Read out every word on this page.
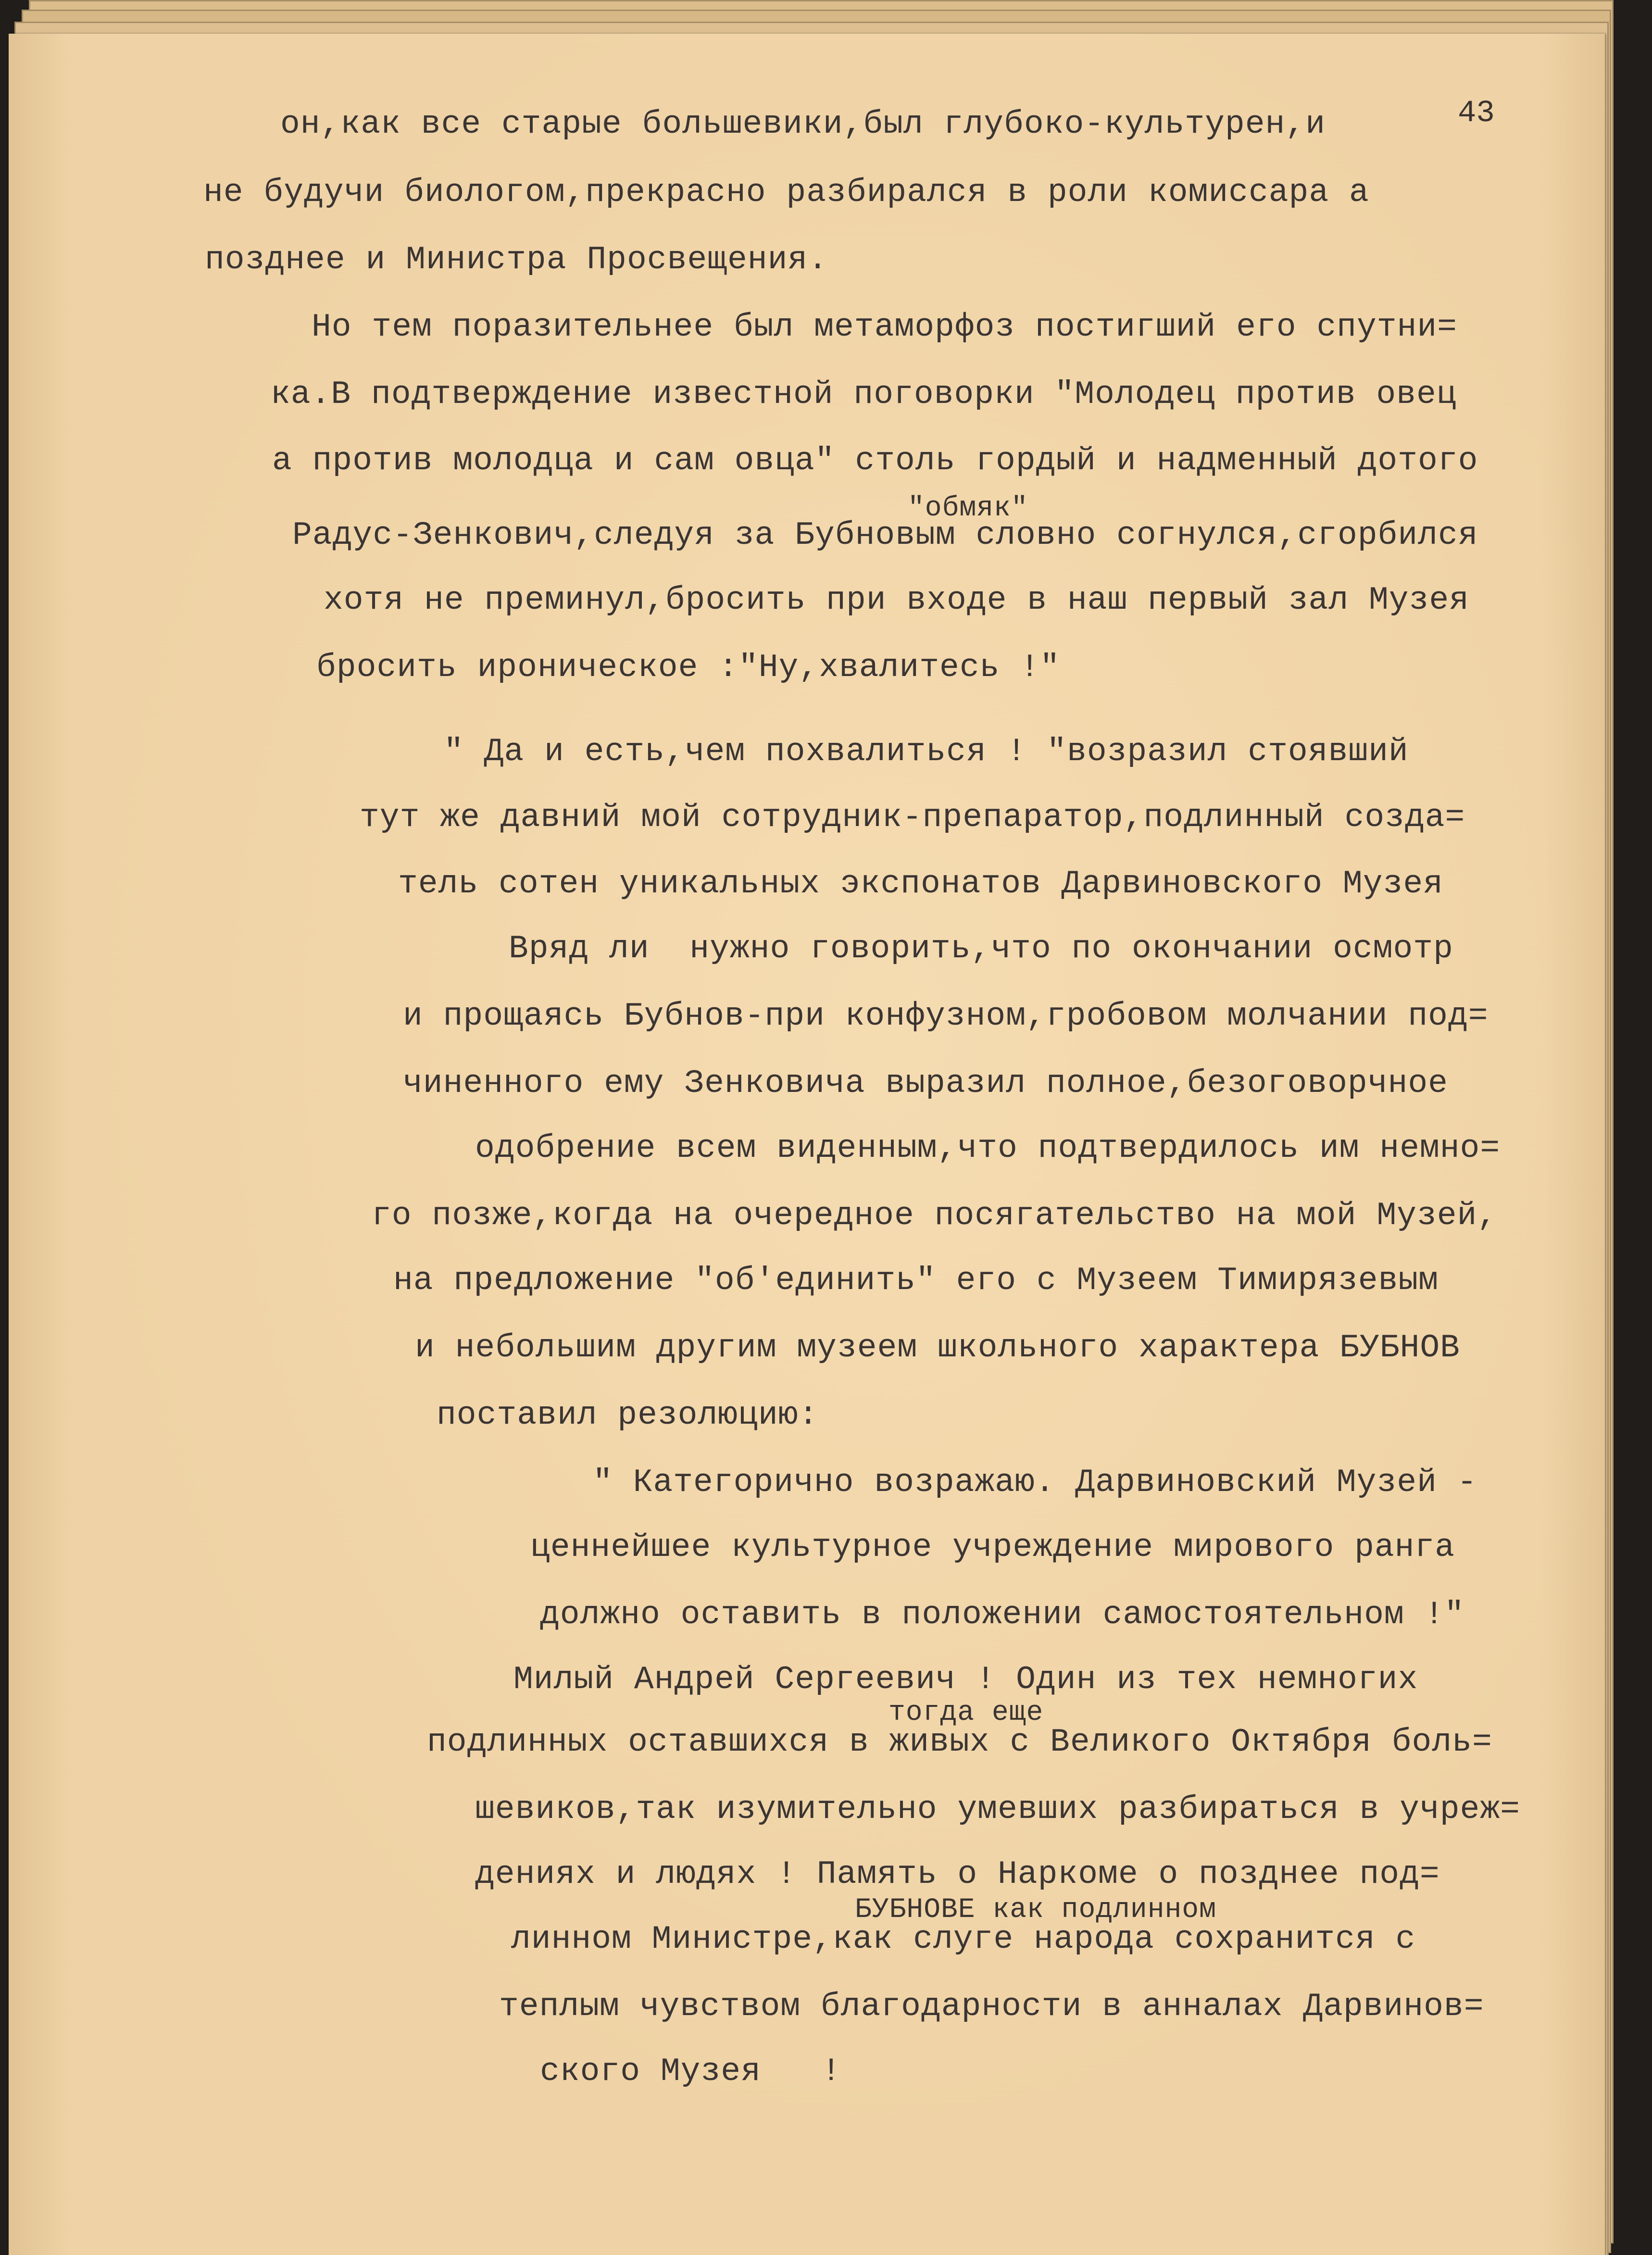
43
он,как все старые большевики,был глубоко-культурен,и
не будучи биологом,прекрасно разбирался в роли комиссара а
позднее и Министра Просвещения.
Но тем поразительнее был метаморфоз постигший его спутни=
ка.В подтверждение известной поговорки "Молодец против овец
а против молодца и сам овца" столь гордый и надменный дотого
"обмяк"
Радус-Зенкович,следуя за Бубновым словно согнулся,сгорбился
хотя не преминул,бросить при входе в наш первый зал Музея
бросить ироническое :"Ну,хвалитесь !"
" Да и есть,чем похвалиться ! "возразил стоявший
тут же давний мой сотрудник-препаратор,подлинный созда=
тель сотен уникальных экспонатов Дарвиновского Музея
Вряд ли  нужно говорить,что по окончании осмотр
и прощаясь Бубнов-при конфузном,гробовом молчании под=
чиненного ему Зенковича выразил полное,безоговорчное
одобрение всем виденным,что подтвердилось им немно=
го позже,когда на очередное посягательство на мой Музей,
на предложение "об'единить" его с Музеем Тимирязевым
и небольшим другим музеем школьного характера БУБНОВ
поставил резолюцию:
" Категорично возражаю. Дарвиновский Музей -
ценнейшее культурное учреждение мирового ранга
должно оставить в положении самостоятельном !"
Милый Андрей Сергеевич ! Один из тех немногих
тогда еще
подлинных оставшихся в живых с Великого Октября боль=
шевиков,так изумительно умевших разбираться в учреж=
дениях и людях ! Память о Наркоме о позднее под=
БУБНОВЕ как подлинном
линном Министре,как слуге народа сохранится с
теплым чувством благодарности в анналах Дарвинов=
ского Музея   !
